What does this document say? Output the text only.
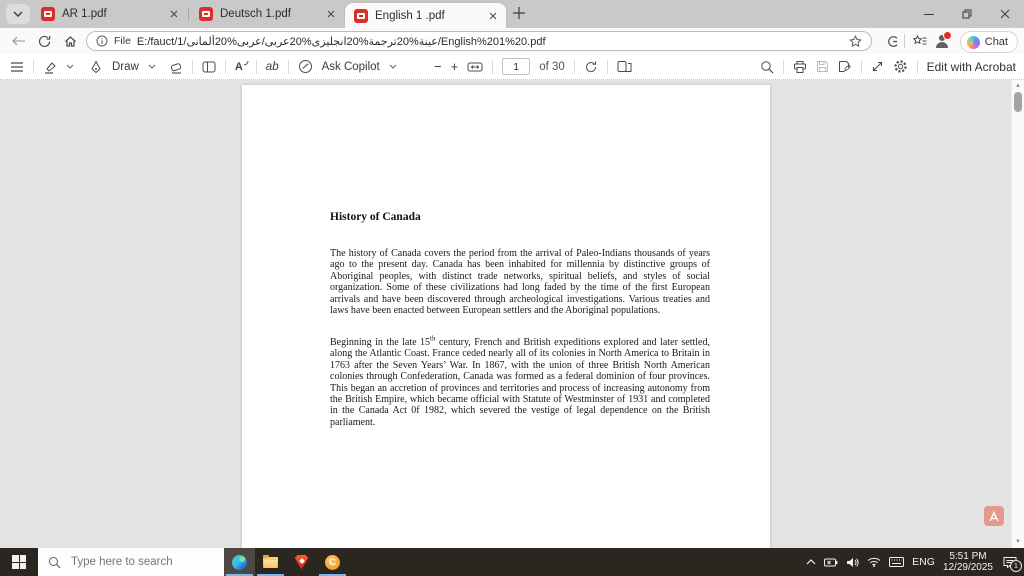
AR 1.pdf	Deutsch 1.pdf	English 1 .pdf
File E:/fauct/1/عينة%20ترجمة%20انجليزى%20عربى/عربى%20ألمانى/English%201%20.pdf	Chat
Draw	A	ab	Ask Copilot	− +
1	of 30	Edit with Acrobat
History of Canada
The history of Canada covers the period from the arrival of Paleo-Indians thousands of years ago to the present day. Canada has been inhabited for millennia by distinctive groups of Aboriginal peoples, with distinct trade networks, spiritual beliefs, and styles of social organization. Some of these civilizations had long faded by the time of the first European arrivals and have been discovered through archeological investigations. Various treaties and laws have been enacted between European settlers and the Aboriginal populations.
Beginning in the late 15th century, French and British expeditions explored and later settled, along the Atlantic Coast. France ceded nearly all of its colonies in North America to Britain in 1763 after the Seven Years’ War. In 1867, with the union of three British North American colonies through Confederation, Canada was formed as a federal dominion of four provinces. This began an accretion of provinces and territories and process of increasing autonomy from the British Empire, which became official with Statute of Westminster of 1931 and completed in the Canada Act 0f 1982, which severed the vestige of legal dependence on the British parliament.
▲
▼
Type here to search
C	ENG	5:51 PM
12/29/2025	1
